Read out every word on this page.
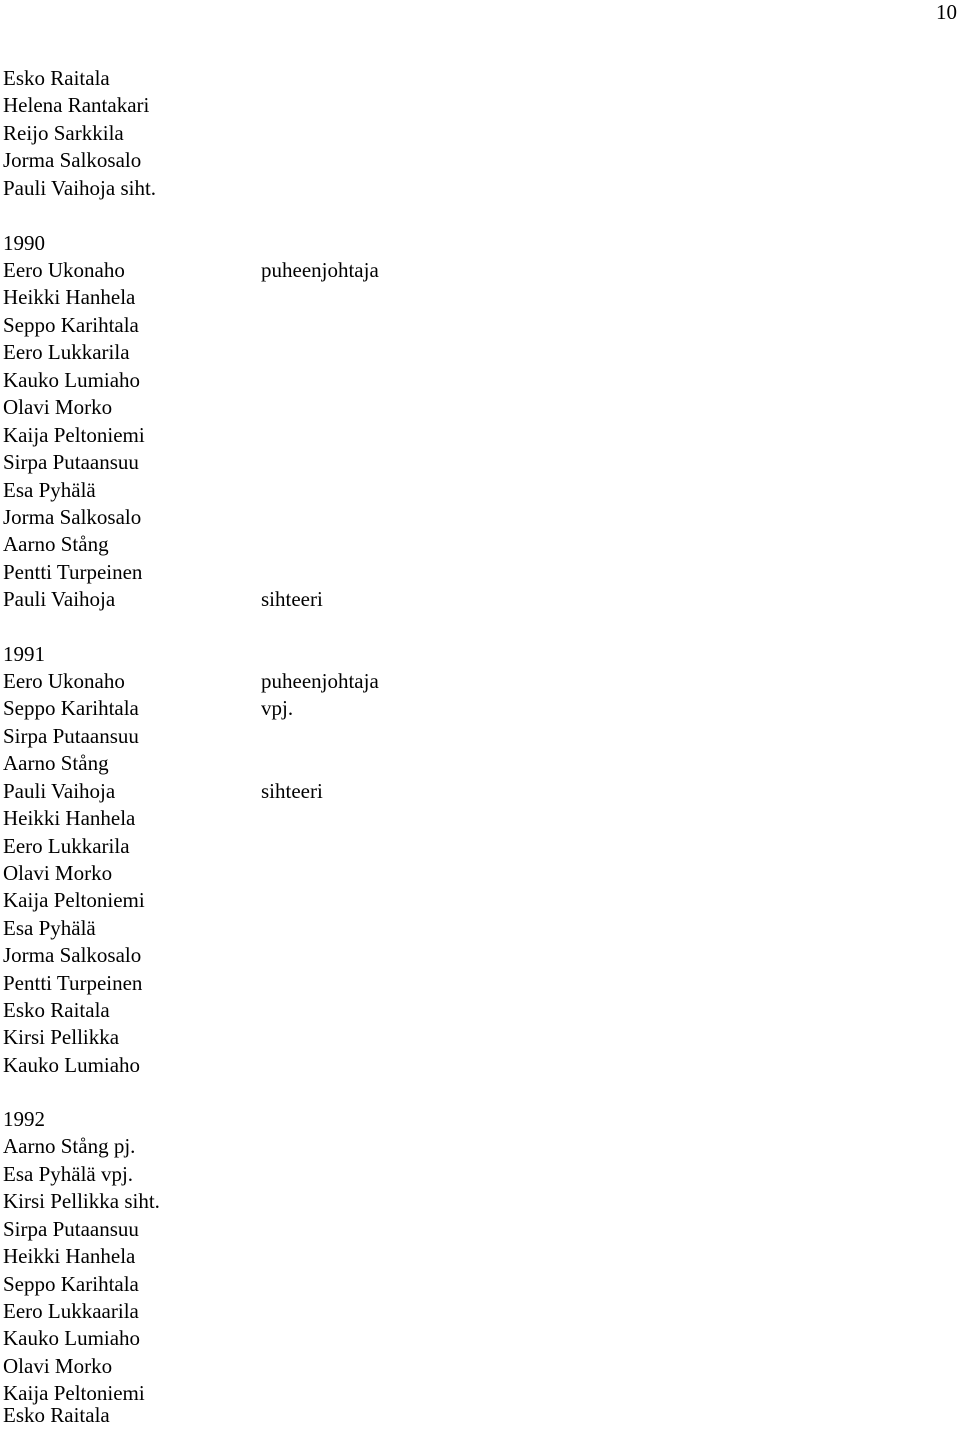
10
Esko Raitala
Helena Rantakari
Reijo Sarkkila
Jorma Salkosalo
Pauli Vaihoja siht.
1990
Eero Ukonaho
Heikki Hanhela
Seppo Karihtala
Eero Lukkarila
Kauko Lumiaho
Olavi Morko
Kaija Peltoniemi
Sirpa Putaansuu
Esa Pyhälä
Jorma Salkosalo
Aarno Stång
Pentti Turpeinen
Pauli Vaihoja
puheenjohtaja
sihteeri
1991
Eero Ukonaho
Seppo Karihtala
Sirpa Putaansuu
Aarno Stång
Pauli Vaihoja
Heikki Hanhela
Eero Lukkarila
Olavi Morko
Kaija Peltoniemi
Esa Pyhälä
Jorma Salkosalo
Pentti Turpeinen
Esko Raitala
Kirsi Pellikka
Kauko Lumiaho
puheenjohtaja
vpj.
sihteeri
1992
Aarno Stång pj.
Esa Pyhälä vpj.
Kirsi Pellikka siht.
Sirpa Putaansuu
Heikki Hanhela
Seppo Karihtala
Eero Lukkaarila
Kauko Lumiaho
Olavi Morko
Kaija Peltoniemi
Esko Raitala
